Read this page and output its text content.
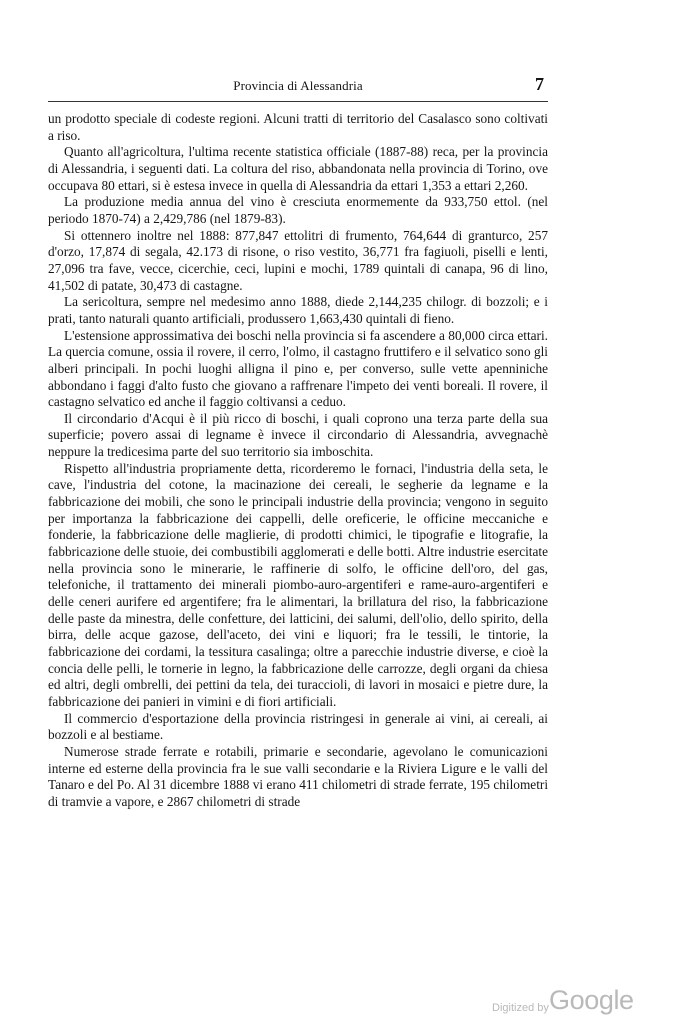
Provincia di Alessandria	7

un prodotto speciale di codeste regioni. Alcuni tratti di territorio del Casalasco sono coltivati a riso.

Quanto all'agricoltura, l'ultima recente statistica officiale (1887-88) reca, per la provincia di Alessandria, i seguenti dati. La coltura del riso, abbandonata nella provincia di Torino, ove occupava 80 ettari, si è estesa invece in quella di Alessandria da ettari 1,353 a ettari 2,260.

La produzione media annua del vino è cresciuta enormemente da 933,750 ettol. (nel periodo 1870-74) a 2,429,786 (nel 1879-83).

Si ottennero inoltre nel 1888: 877,847 ettolitri di frumento, 764,644 di granturco, 257 d'orzo, 17,874 di segala, 42.173 di risone, o riso vestito, 36,771 fra fagiuoli, piselli e lenti, 27,096 tra fave, vecce, cicerchie, ceci, lupini e mochi, 1789 quintali di canapa, 96 di lino, 41,502 di patate, 30,473 di castagne.

La sericoltura, sempre nel medesimo anno 1888, diede 2,144,235 chilogr. di bozzoli; e i prati, tanto naturali quanto artificiali, produssero 1,663,430 quintali di fieno.

L'estensione approssimativa dei boschi nella provincia si fa ascendere a 80,000 circa ettari. La quercia comune, ossia il rovere, il cerro, l'olmo, il castagno fruttifero e il selvatico sono gli alberi principali. In pochi luoghi alligna il pino e, per converso, sulle vette apenniniche abbondano i faggi d'alto fusto che giovano a raffrenare l'impeto dei venti boreali. Il rovere, il castagno selvatico ed anche il faggio coltivansi a ceduo.

Il circondario d'Acqui è il più ricco di boschi, i quali coprono una terza parte della sua superficie; povero assai di legname è invece il circondario di Alessandria, avvegnachè neppure la tredicesima parte del suo territorio sia imboschita.

Rispetto all'industria propriamente detta, ricorderemo le fornaci, l'industria della seta, le cave, l'industria del cotone, la macinazione dei cereali, le segherie da legname e la fabbricazione dei mobili, che sono le principali industrie della provincia; vengono in seguito per importanza la fabbricazione dei cappelli, delle oreficerie, le officine meccaniche e fonderie, la fabbricazione delle maglierie, di prodotti chimici, le tipografie e litografie, la fabbricazione delle stuoie, dei combustibili agglomerati e delle botti. Altre industrie esercitate nella provincia sono le minerarie, le raffinerie di solfo, le officine dell'oro, del gas, telefoniche, il trattamento dei minerali piombo-auro-argentiferi e rame-auro-argentiferi e delle ceneri aurifere ed argentifere; fra le alimentari, la brillatura del riso, la fabbricazione delle paste da minestra, delle confetture, dei latticini, dei salumi, dell'olio, dello spirito, della birra, delle acque gazose, dell'aceto, dei vini e liquori; fra le tessili, le tintorie, la fabbricazione dei cordami, la tessitura casalinga; oltre a parecchie industrie diverse, e cioè la concia delle pelli, le tornerie in legno, la fabbricazione delle carrozze, degli organi da chiesa ed altri, degli ombrelli, dei pettini da tela, dei turaccioli, di lavori in mosaici e pietre dure, la fabbricazione dei panieri in vimini e di fiori artificiali.

Il commercio d'esportazione della provincia ristringesi in generale ai vini, ai cereali, ai bozzoli e al bestiame.

Numerose strade ferrate e rotabili, primarie e secondarie, agevolano le comunicazioni interne ed esterne della provincia fra le sue valli secondarie e la Riviera Ligure e le valli del Tanaro e del Po. Al 31 dicembre 1888 vi erano 411 chilometri di strade ferrate, 195 chilometri di tramvie a vapore, e 2867 chilometri di strade

Digitized by Google
